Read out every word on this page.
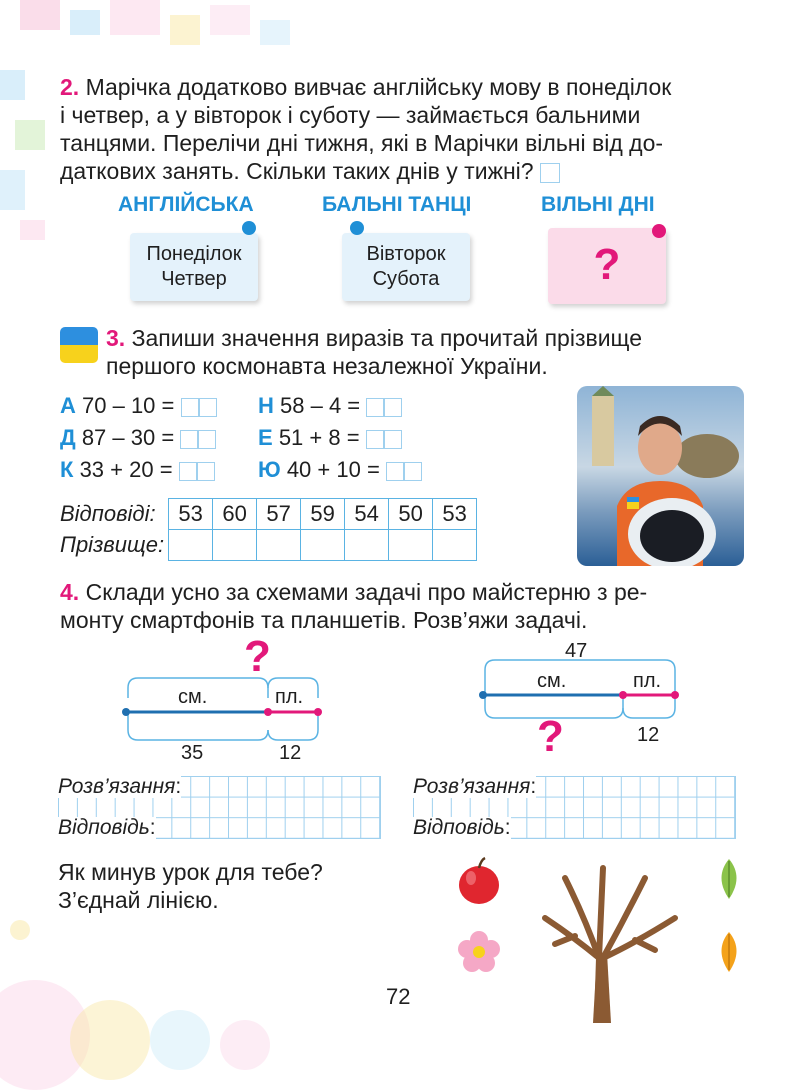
2. Марічка додатково вивчає англійську мову в понеділок
і четвер, а у вівторок і суботу — займається бальними
танцями. Перелічи дні тижня, які в Марічки вільні від до-
даткових занять. Скільки таких днів у тижні?
АНГЛІЙСЬКА	БАЛЬНІ ТАНЦІ	ВІЛЬНІ ДНІ
Понеділок
Четвер
Вівторок
Субота	?
3. Запиши значення виразів та прочитай прізвище
першого космонавта незалежної України.
А 70 – 10 =	Н 58 – 4 =
Д 87 – 30 =	Е 51 + 8 =
К 33 + 20 =	Ю 40 + 10 =
Відповіді:	53	60	57	59	54	50	53
Прізвище:							
4. Склади усно за схемами задачі про майстерню з ре-
монту смартфонів та планшетів. Розв’яжи задачі.
?
см.	пл.
35	12
47
см.	пл.
?	12
Розв’язання:
Відповідь:
Розв’язання:
Відповідь:
Як минув урок для тебе?
З’єднай лінією.
72
